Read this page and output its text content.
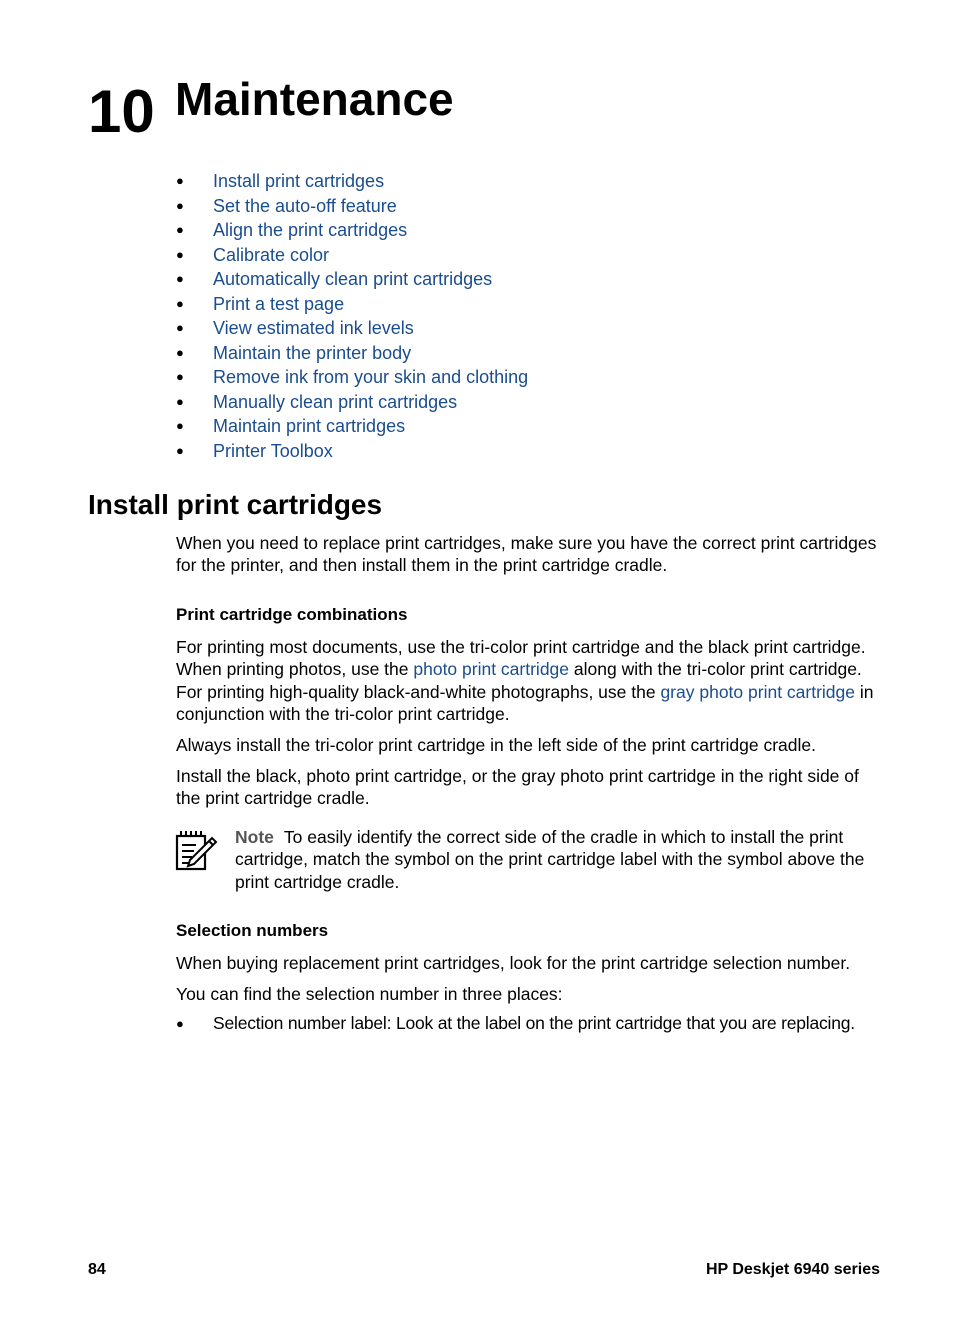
10 Maintenance
● Install print cartridges
● Set the auto-off feature
● Align the print cartridges
● Calibrate color
● Automatically clean print cartridges
● Print a test page
● View estimated ink levels
● Maintain the printer body
● Remove ink from your skin and clothing
● Manually clean print cartridges
● Maintain print cartridges
● Printer Toolbox
Install print cartridges

When you need to replace print cartridges, make sure you have the correct print cartridges for the printer, and then install them in the print cartridge cradle.

Print cartridge combinations

For printing most documents, use the tri-color print cartridge and the black print cartridge. When printing photos, use the photo print cartridge along with the tri-color print cartridge. For printing high-quality black-and-white photographs, use the gray photo print cartridge in conjunction with the tri-color print cartridge.

Always install the tri-color print cartridge in the left side of the print cartridge cradle.

Install the black, photo print cartridge, or the gray photo print cartridge in the right side of the print cartridge cradle.

Note To easily identify the correct side of the cradle in which to install the print cartridge, match the symbol on the print cartridge label with the symbol above the print cartridge cradle.

Selection numbers

When buying replacement print cartridges, look for the print cartridge selection number.

You can find the selection number in three places:

● Selection number label: Look at the label on the print cartridge that you are replacing.
84	HP Deskjet 6940 series
